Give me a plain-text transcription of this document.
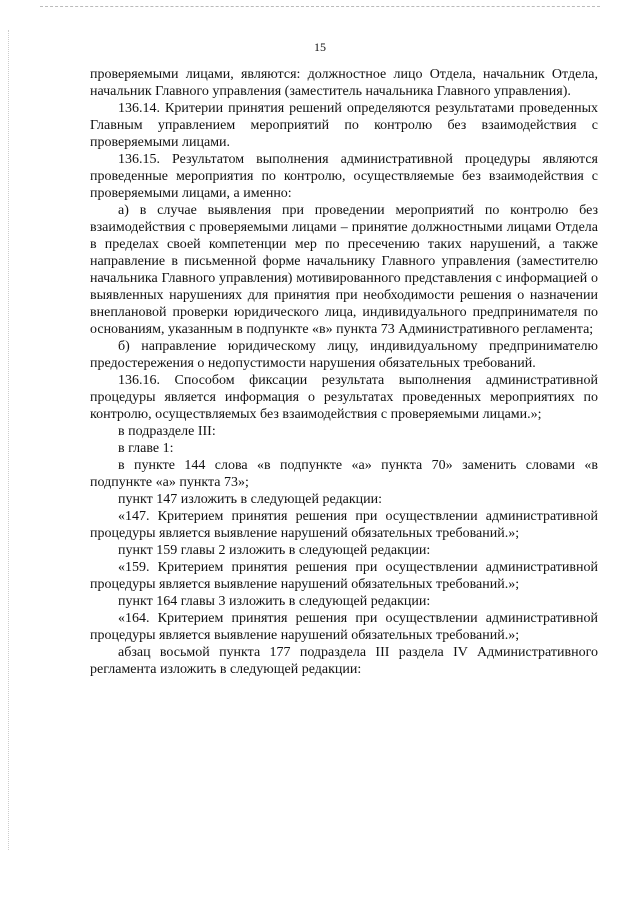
15

проверяемыми лицами, являются: должностное лицо Отдела, начальник Отдела, начальник Главного управления (заместитель начальника Главного управления).

136.14. Критерии принятия решений определяются результатами проведенных Главным управлением мероприятий по контролю без взаимодействия с проверяемыми лицами.

136.15. Результатом выполнения административной процедуры являются проведенные мероприятия по контролю, осуществляемые без взаимодействия с проверяемыми лицами, а именно:

а) в случае выявления при проведении мероприятий по контролю без взаимодействия с проверяемыми лицами – принятие должностными лицами Отдела в пределах своей компетенции мер по пресечению таких нарушений, а также направление в письменной форме начальнику Главного управления (заместителю начальника Главного управления) мотивированного представления с информацией о выявленных нарушениях для принятия при необходимости решения о назначении внеплановой проверки юридического лица, индивидуального предпринимателя по основаниям, указанным в подпункте «в» пункта 73 Административного регламента;

б) направление юридическому лицу, индивидуальному предпринимателю предостережения о недопустимости нарушения обязательных требований.

136.16. Способом фиксации результата выполнения административной процедуры является информация о результатах проведенных мероприятиях по контролю, осуществляемых без взаимодействия с проверяемыми лицами.»;

в подразделе III:

в главе 1:

в пункте 144 слова «в подпункте «а» пункта 70» заменить словами «в подпункте «а» пункта 73»;

пункт 147 изложить в следующей редакции:

«147. Критерием принятия решения при осуществлении административной процедуры является выявление нарушений обязательных требований.»;

пункт 159 главы 2 изложить в следующей редакции:

«159. Критерием принятия решения при осуществлении административной процедуры является выявление нарушений обязательных требований.»;

пункт 164 главы 3 изложить в следующей редакции:

«164. Критерием принятия решения при осуществлении административной процедуры является выявление нарушений обязательных требований.»;

абзац восьмой пункта 177 подраздела III раздела IV Административного регламента изложить в следующей редакции:
